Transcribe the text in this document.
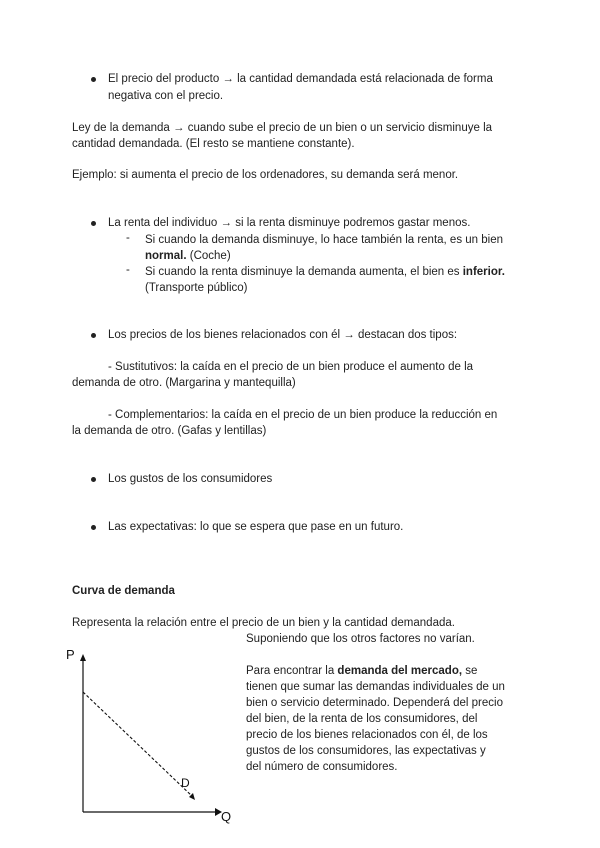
El precio del producto → la cantidad demandada está relacionada de forma
negativa con el precio.
Ley de la demanda → cuando sube el precio de un bien o un servicio disminuye la
cantidad demandada. (El resto se mantiene constante).
Ejemplo: si aumenta el precio de los ordenadores, su demanda será menor.
La renta del individuo → si la renta disminuye podremos gastar menos.
- Si cuando la demanda disminuye, lo hace también la renta, es un bien
normal. (Coche)
- Si cuando la renta disminuye la demanda aumenta, el bien es inferior.
(Transporte público)
Los precios de los bienes relacionados con él → destacan dos tipos:
- Sustitutivos: la caída en el precio de un bien produce el aumento de la
demanda de otro. (Margarina y mantequilla)
- Complementarios: la caída en el precio de un bien produce la reducción en
la demanda de otro. (Gafas y lentillas)
Los gustos de los consumidores
Las expectativas: lo que se espera que pase en un futuro.
Curva de demanda
Representa la relación entre el precio de un bien y la cantidad demandada.
Suponiendo que los otros factores no varían.
Para encontrar la demanda del mercado, se
tienen que sumar las demandas individuales de un
bien o servicio determinado. Dependerá del precio
del bien, de la renta de los consumidores, del
precio de los bienes relacionados con él, de los
gustos de los consumidores, las expectativas y
del número de consumidores.
P
Q
D
